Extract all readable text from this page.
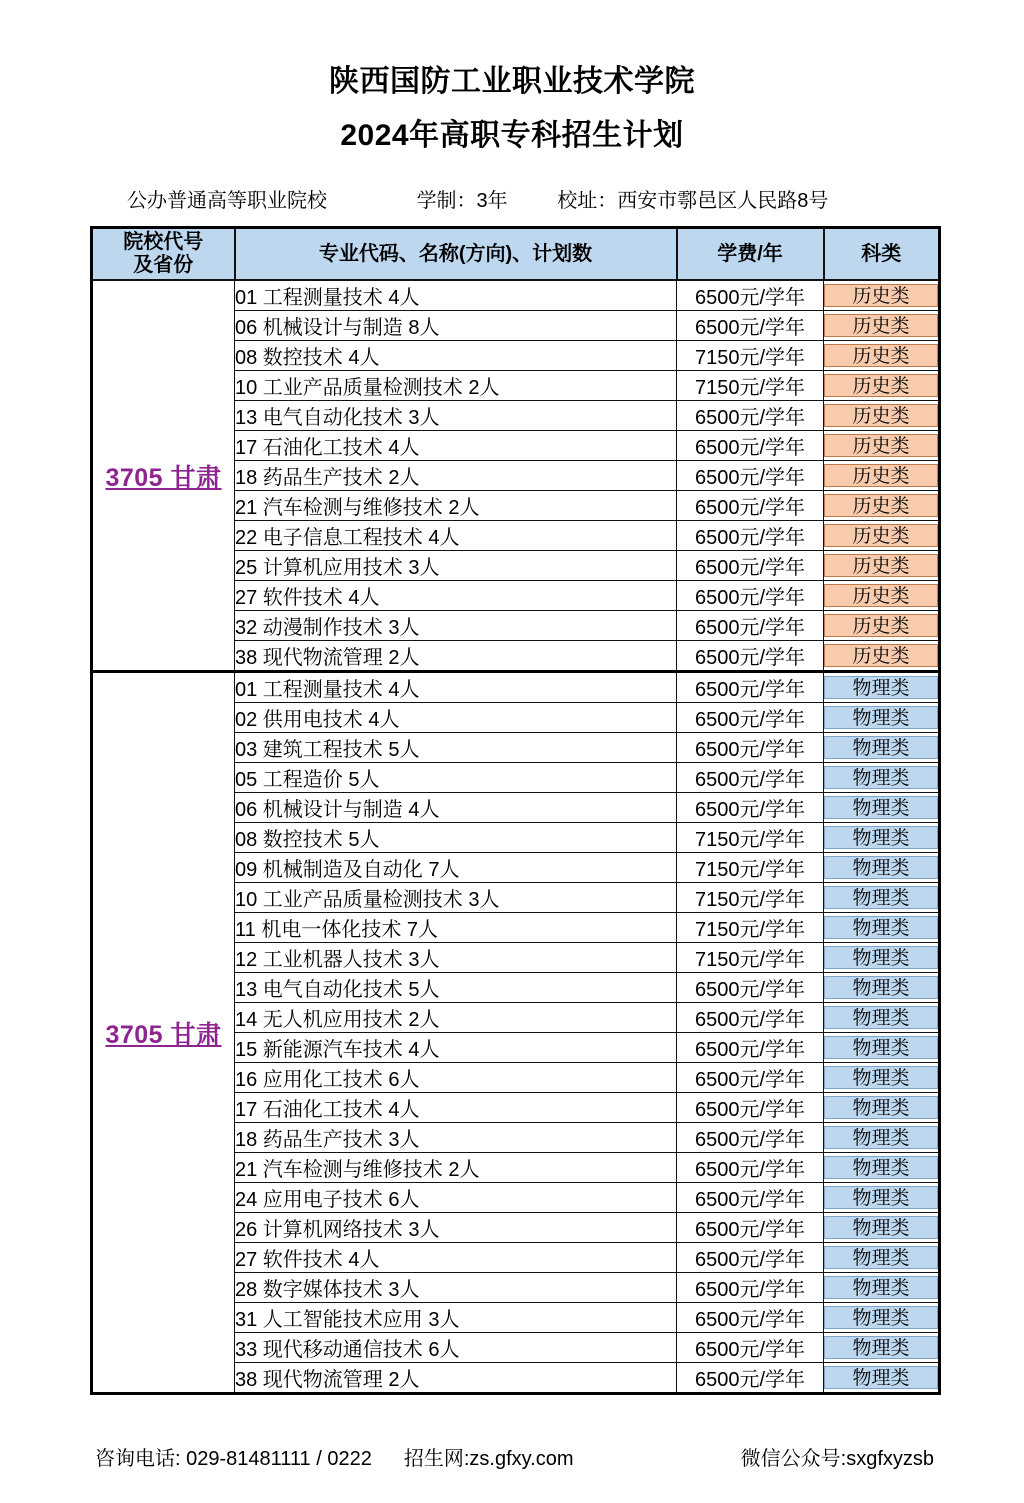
陕西国防工业职业技术学院
2024年高职专科招生计划
公办普通高等职业院校	学制：3年 校址：西安市鄠邑区人民路8号
院校代号
及省份	专业代码、名称(方向)、计划数	学费/年	科类
3705 甘肃	01 工程测量技术 4人	6500元/学年	历史类

	06 机械设计与制造 8人	6500元/学年	历史类

	08 数控技术 4人	7150元/学年	历史类

	10 工业产品质量检测技术 2人	7150元/学年	历史类

	13 电气自动化技术 3人	6500元/学年	历史类

	17 石油化工技术 4人	6500元/学年	历史类

	18 药品生产技术 2人	6500元/学年	历史类

	21 汽车检测与维修技术 2人	6500元/学年	历史类

	22 电子信息工程技术 4人	6500元/学年	历史类

	25 计算机应用技术 3人	6500元/学年	历史类

	27 软件技术 4人	6500元/学年	历史类

	32 动漫制作技术 3人	6500元/学年	历史类

	38 现代物流管理 2人	6500元/学年	历史类

3705 甘肃	01 工程测量技术 4人	6500元/学年	物理类

	02 供用电技术 4人	6500元/学年	物理类

	03 建筑工程技术 5人	6500元/学年	物理类

	05 工程造价 5人	6500元/学年	物理类

	06 机械设计与制造 4人	6500元/学年	物理类

	08 数控技术 5人	7150元/学年	物理类

	09 机械制造及自动化 7人	7150元/学年	物理类

	10 工业产品质量检测技术 3人	7150元/学年	物理类

	11 机电一体化技术 7人	7150元/学年	物理类

	12 工业机器人技术 3人	7150元/学年	物理类

	13 电气自动化技术 5人	6500元/学年	物理类

	14 无人机应用技术 2人	6500元/学年	物理类

	15 新能源汽车技术 4人	6500元/学年	物理类

	16 应用化工技术 6人	6500元/学年	物理类

	17 石油化工技术 4人	6500元/学年	物理类

	18 药品生产技术 3人	6500元/学年	物理类

	21 汽车检测与维修技术 2人	6500元/学年	物理类

	24 应用电子技术 6人	6500元/学年	物理类

	26 计算机网络技术 3人	6500元/学年	物理类

	27 软件技术 4人	6500元/学年	物理类

	28 数字媒体技术 3人	6500元/学年	物理类

	31 人工智能技术应用 3人	6500元/学年	物理类

	33 现代移动通信技术 6人	6500元/学年	物理类

	38 现代物流管理 2人	6500元/学年	物理类
咨询电话: 029-81481111 / 0222 招生网:zs.gfxy.com	微信公众号:sxgfxyzsb
